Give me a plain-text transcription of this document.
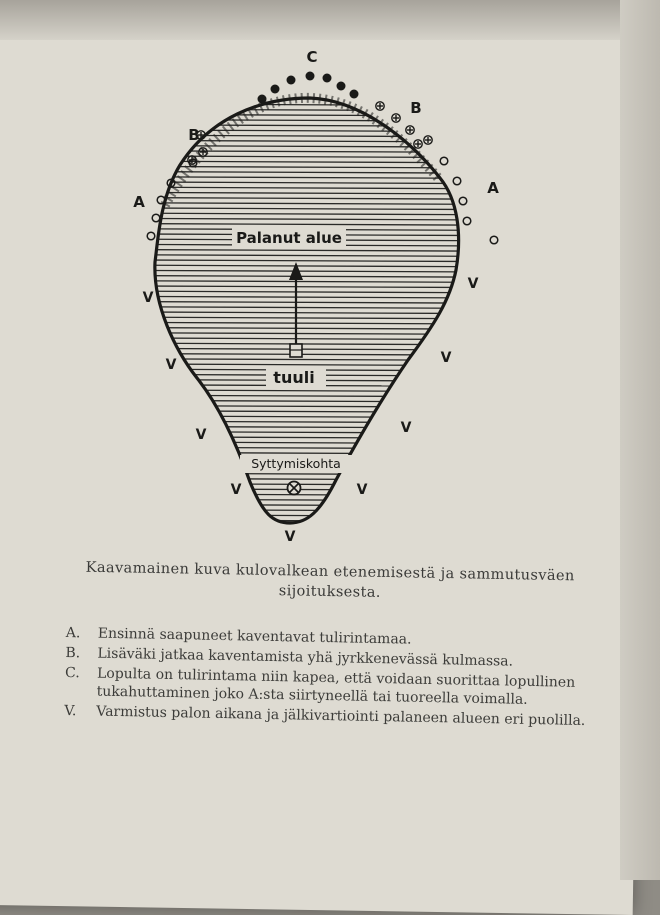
Palanut alue
tuuli
Syttymiskohta
C
B
B
A
A
V
V
V	V
V	V
V	V
V
Kaavamainen kuva kulovalkean etenemisestä ja sammutusväen sijoituksesta.
A.	Ensinnä saapuneet kaventavat tulirintamaa.
B.	Lisäväki jatkaa kaventamista yhä jyrkkenevässä kulmassa.
C.	Lopulta on tulirintama niin kapea, että voidaan suorittaa lopullinen tukahuttaminen joko A:sta siirtyneellä tai tuoreella voimalla.
V.	Varmistus palon aikana ja jälkivartiointi palaneen alueen eri puolilla.
